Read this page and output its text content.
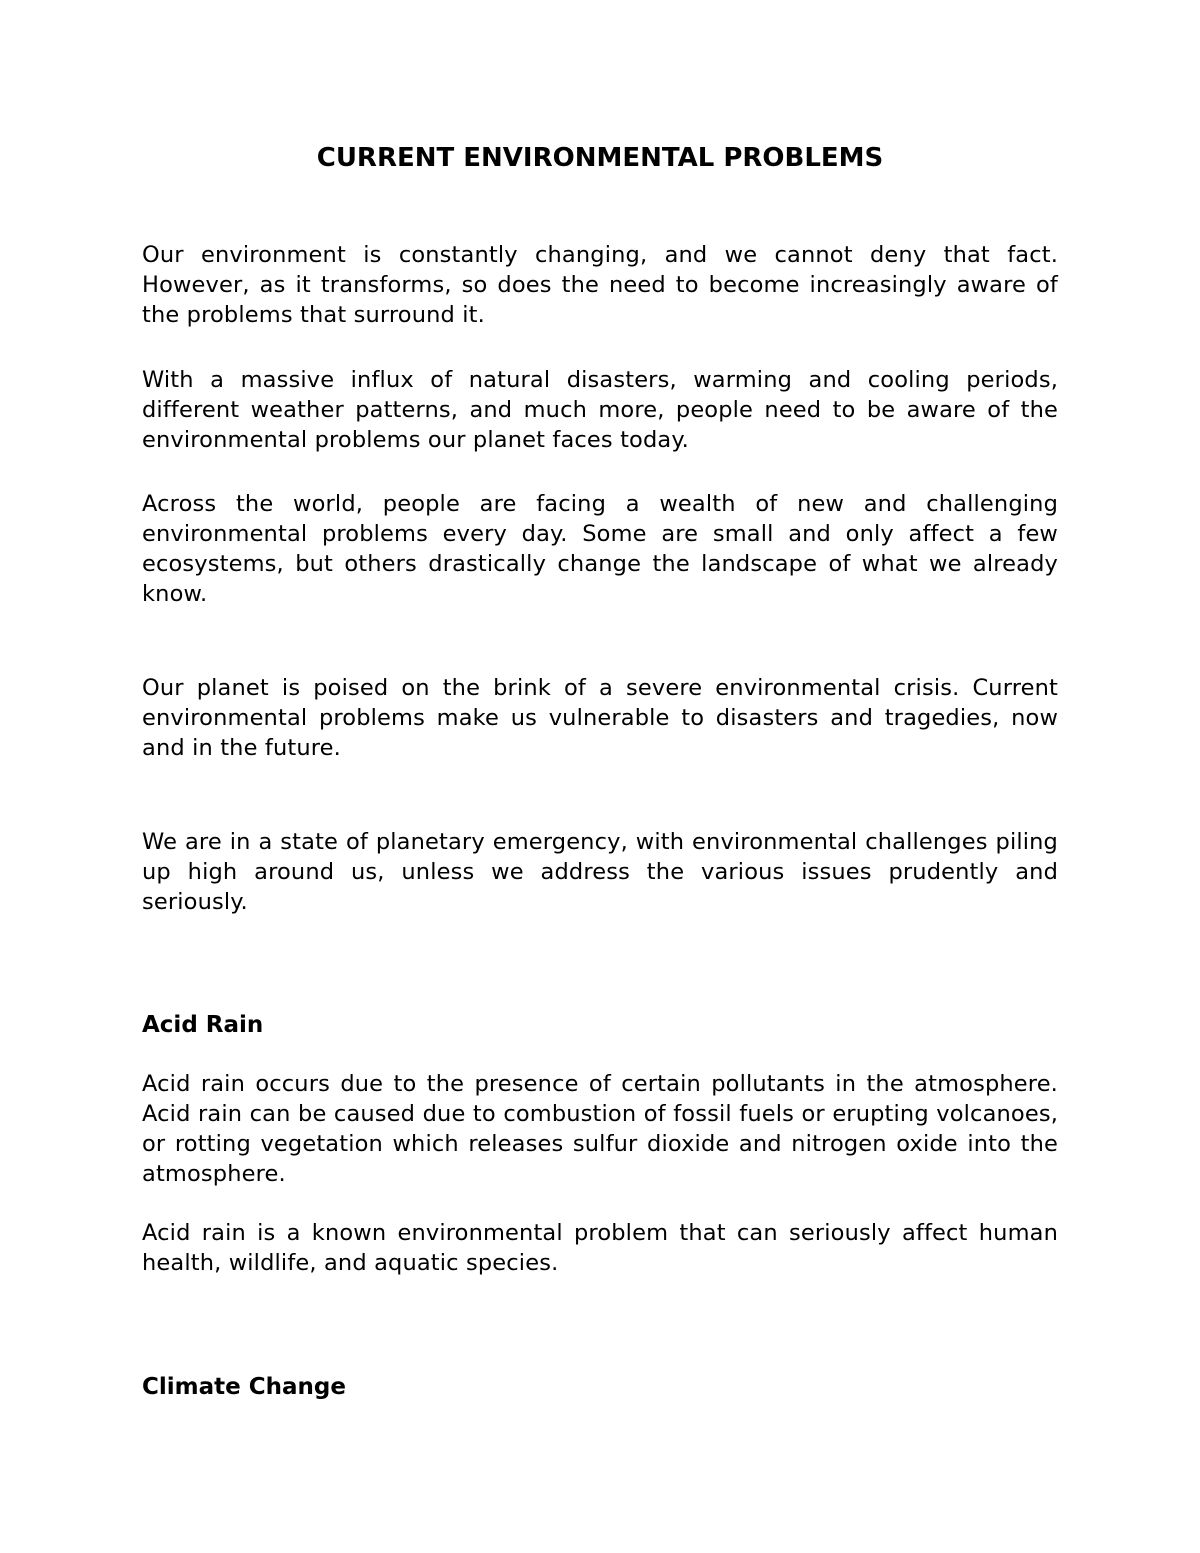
CURRENT ENVIRONMENTAL PROBLEMS

Our environment is constantly changing, and we cannot deny that fact. However, as it transforms, so does the need to become increasingly aware of the problems that surround it.

With a massive influx of natural disasters, warming and cooling periods, different weather patterns, and much more, people need to be aware of the environmental problems our planet faces today.

Across the world, people are facing a wealth of new and challenging environmental problems every day. Some are small and only affect a few ecosystems, but others drastically change the landscape of what we already know.

Our planet is poised on the brink of a severe environmental crisis. Current environmental problems make us vulnerable to disasters and tragedies, now and in the future.

We are in a state of planetary emergency, with environmental challenges piling up high around us, unless we address the various issues prudently and seriously.

Acid Rain

Acid rain occurs due to the presence of certain pollutants in the atmosphere. Acid rain can be caused due to combustion of fossil fuels or erupting volcanoes, or rotting vegetation which releases sulfur dioxide and nitrogen oxide into the atmosphere.

Acid rain is a known environmental problem that can seriously affect human health, wildlife, and aquatic species.

Climate Change
